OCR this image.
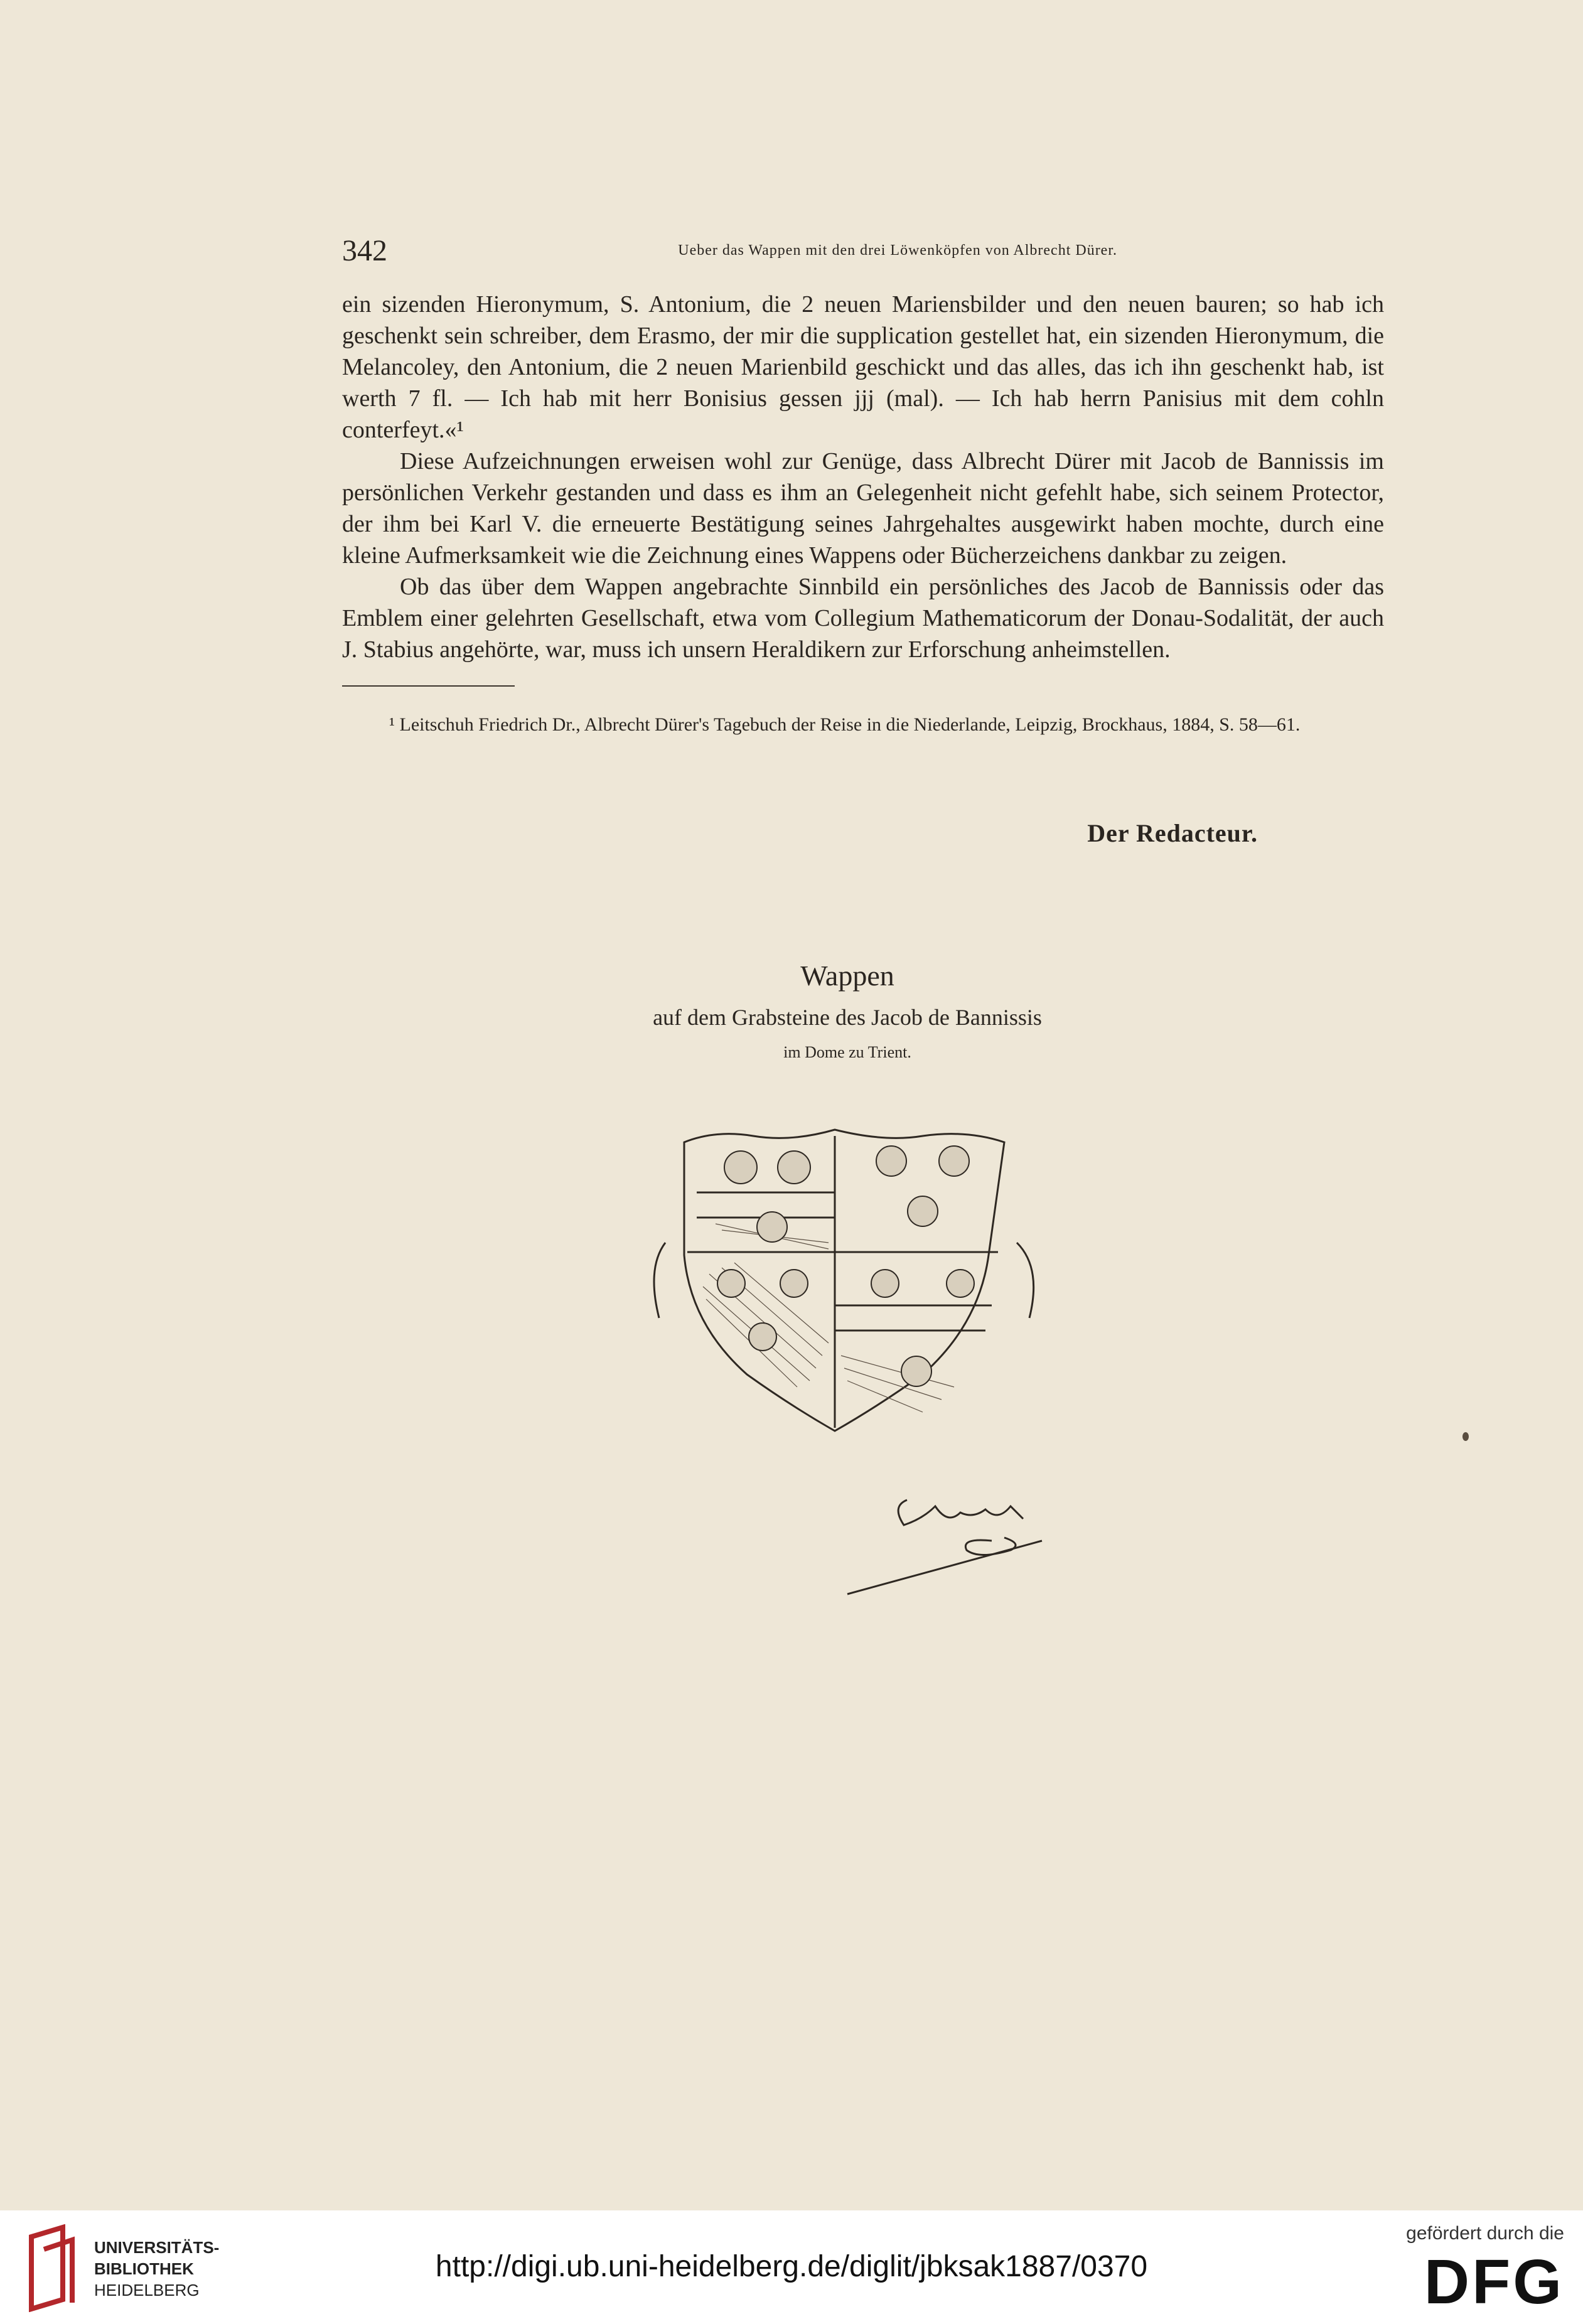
342	Ueber das Wappen mit den drei Löwenköpfen von Albrecht Dürer.

ein sizenden Hieronymum, S. Antonium, die 2 neuen Mariensbilder und den neuen bauren; so hab ich geschenkt sein schreiber, dem Erasmo, der mir die supplication gestellet hat, ein sizenden Hieronymum, die Melancoley, den Antonium, die 2 neuen Marienbild geschickt und das alles, das ich ihn geschenkt hab, ist werth 7 fl. — Ich hab mit herr Bonisius gessen jjj (mal). — Ich hab herrn Panisius mit dem cohln conterfeyt.«¹

Diese Aufzeichnungen erweisen wohl zur Genüge, dass Albrecht Dürer mit Jacob de Bannissis im persönlichen Verkehr gestanden und dass es ihm an Gelegenheit nicht gefehlt habe, sich seinem Protector, der ihm bei Karl V. die erneuerte Bestätigung seines Jahrgehaltes ausgewirkt haben mochte, durch eine kleine Aufmerksamkeit wie die Zeichnung eines Wappens oder Bücherzeichens dankbar zu zeigen.

Ob das über dem Wappen angebrachte Sinnbild ein persönliches des Jacob de Bannissis oder das Emblem einer gelehrten Gesellschaft, etwa vom Collegium Mathematicorum der Donau-Sodalität, der auch J. Stabius angehörte, war, muss ich unsern Heraldikern zur Erforschung anheimstellen.

¹ Leitschuh Friedrich Dr., Albrecht Dürer's Tagebuch der Reise in die Niederlande, Leipzig, Brockhaus, 1884, S. 58—61.
Der Redacteur.
Wappen
auf dem Grabsteine des Jacob de Bannissis
im Dome zu Trient.
UNIVERSITÄTS-
BIBLIOTHEK
HEIDELBERG
http://digi.ub.uni-heidelberg.de/diglit/jbksak1887/0370
gefördert durch die
DFG
